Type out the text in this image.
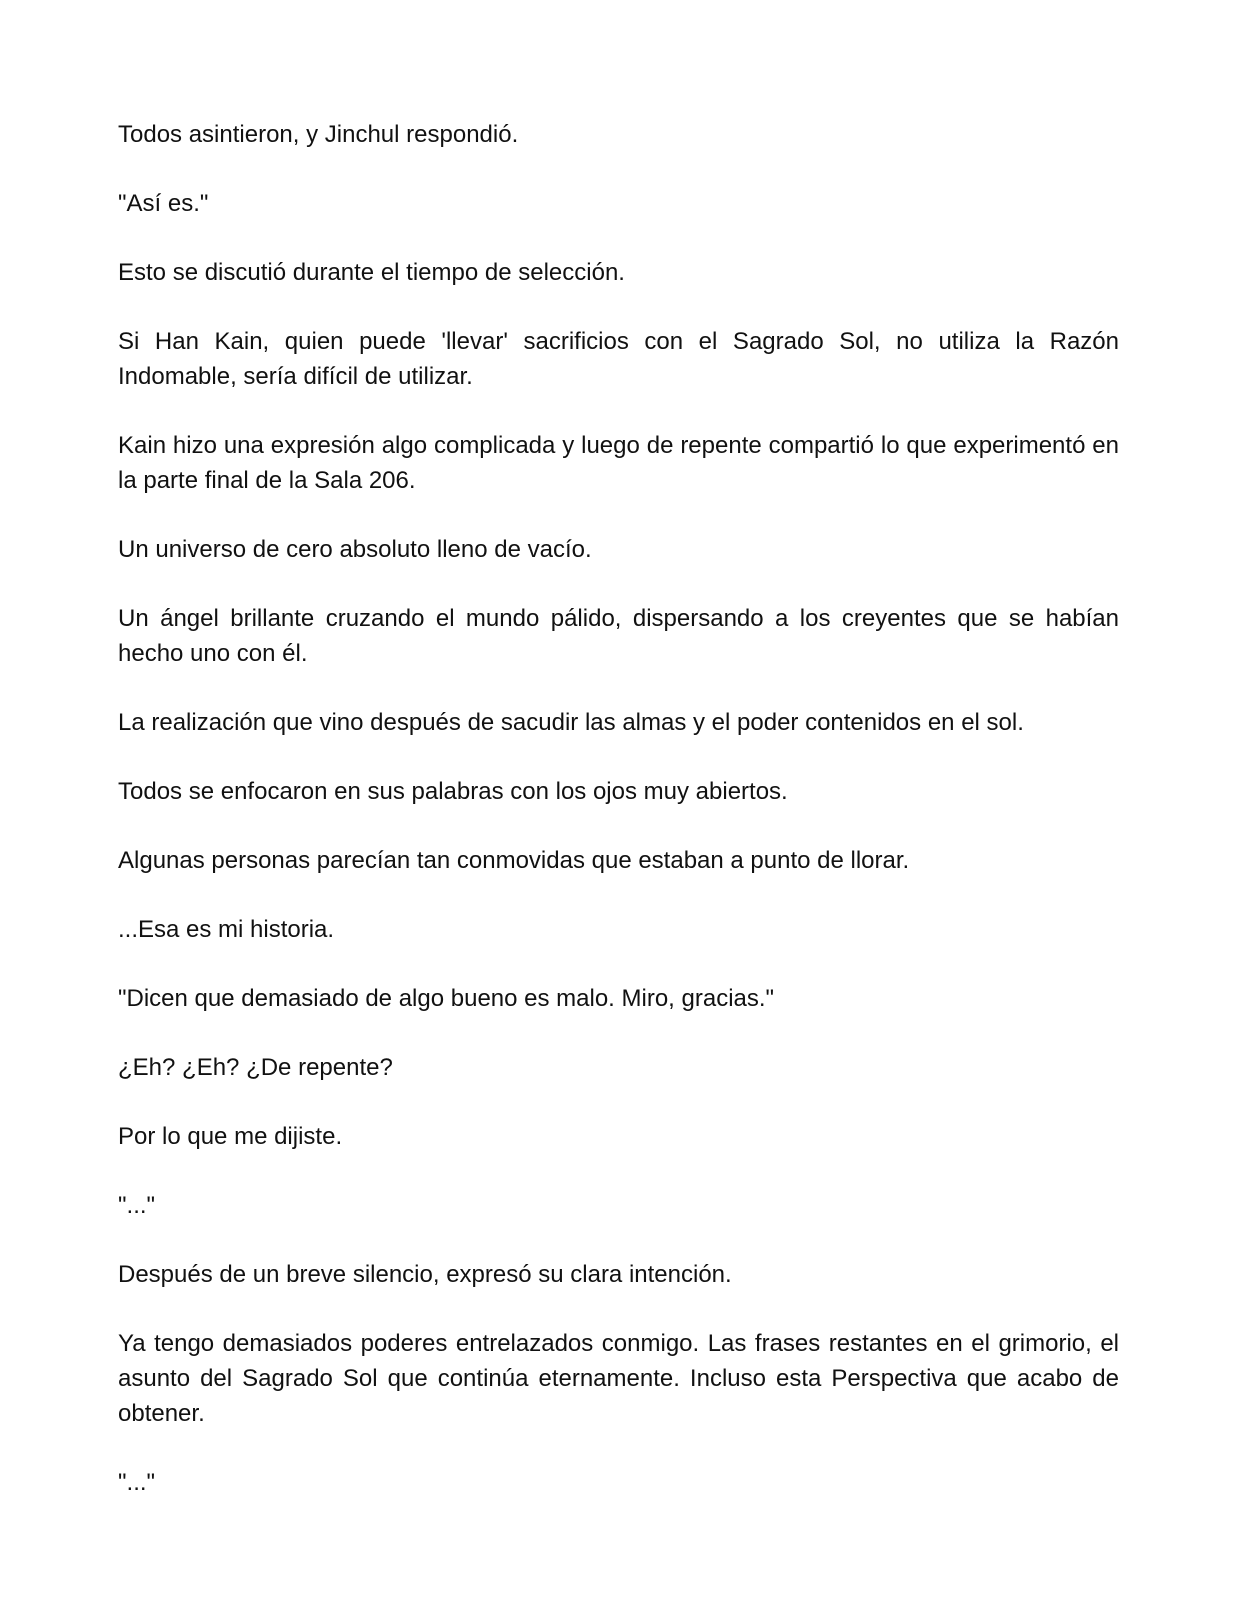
Todos asintieron, y Jinchul respondió.

"Así es."

Esto se discutió durante el tiempo de selección.

Si Han Kain, quien puede 'llevar' sacrificios con el Sagrado Sol, no utiliza la Razón Indomable, sería difícil de utilizar.

Kain hizo una expresión algo complicada y luego de repente compartió lo que experimentó en la parte final de la Sala 206.

Un universo de cero absoluto lleno de vacío.

Un ángel brillante cruzando el mundo pálido, dispersando a los creyentes que se habían hecho uno con él.

La realización que vino después de sacudir las almas y el poder contenidos en el sol.

Todos se enfocaron en sus palabras con los ojos muy abiertos.

Algunas personas parecían tan conmovidas que estaban a punto de llorar.

...Esa es mi historia.

"Dicen que demasiado de algo bueno es malo. Miro, gracias."

¿Eh? ¿Eh? ¿De repente?

Por lo que me dijiste.

"..."

Después de un breve silencio, expresó su clara intención.

Ya tengo demasiados poderes entrelazados conmigo. Las frases restantes en el grimorio, el asunto del Sagrado Sol que continúa eternamente. Incluso esta Perspectiva que acabo de obtener.

"..."
